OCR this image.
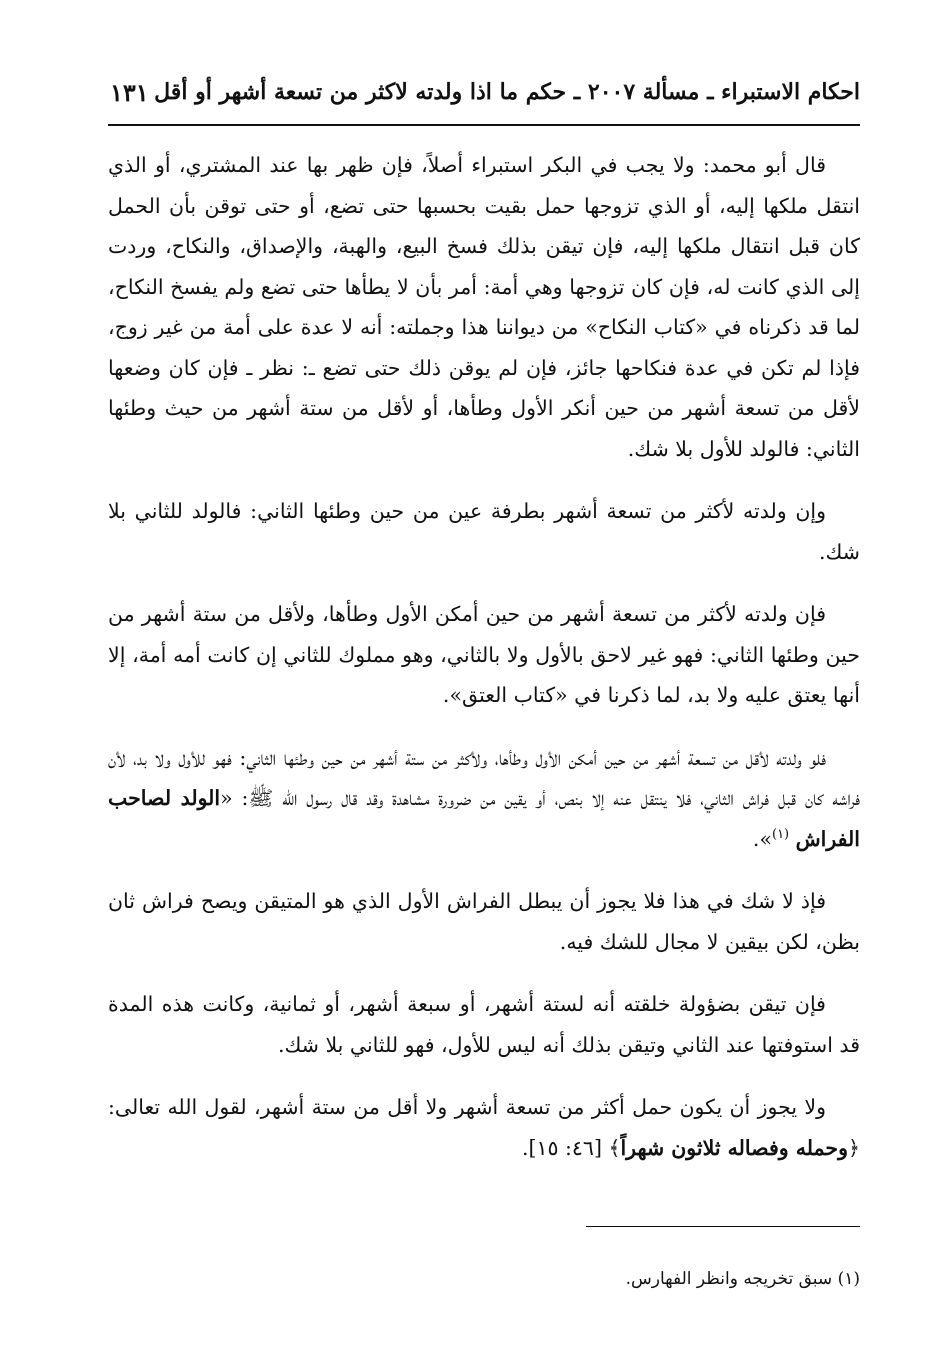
احكام الاستبراء ـ مسألة ٢٠٠٧ ـ حكم ما اذا ولدته لاكثر من تسعة أشهر أو أقل
١٣١

قال أبو محمد: ولا يجب في البكر استبراء أصلاً، فإن ظهر بها عند المشتري، أو الذي انتقل ملكها إليه، أو الذي تزوجها حمل بقيت بحسبها حتى تضع، أو حتى توقن بأن الحمل كان قبل انتقال ملكها إليه، فإن تيقن بذلك فسخ البيع، والهبة، والإصداق، والنكاح، وردت إلى الذي كانت له، فإن كان تزوجها وهي أمة: أمر بأن لا يطأها حتى تضع ولم يفسخ النكاح، لما قد ذكرناه في «كتاب النكاح» من ديواننا هذا وجملته: أنه لا عدة على أمة من غير زوج، فإذا لم تكن في عدة فنكاحها جائز، فإن لم يوقن ذلك حتى تضع ـ: نظر ـ فإن كان وضعها لأقل من تسعة أشهر من حين أنكر الأول وطأها، أو لأقل من ستة أشهر من حيث وطئها الثاني: فالولد للأول بلا شك.

وإن ولدته لأكثر من تسعة أشهر بطرفة عين من حين وطئها الثاني: فالولد للثاني بلا شك.

فإن ولدته لأكثر من تسعة أشهر من حين أمكن الأول وطأها، ولأقل من ستة أشهر من حين وطئها الثاني: فهو غير لاحق بالأول ولا بالثاني، وهو مملوك للثاني إن كانت أمه أمة، إلا أنها يعتق عليه ولا بد، لما ذكرنا في «كتاب العتق».

فلو ولدته لأقل من تسعة أشهر من حين أمكن الأول وطأها، ولأكثر من ستة أشهر من حين وطئها الثاني: فهو للأول ولا بد، لأن فراشه كان قبل فراش الثاني، فلا ينتقل عنه إلا بنص، أو يقين من ضرورة مشاهدة وقد قال رسول الله ﷺ: «الولد لصاحب الفراش $^{(١)}$».

فإذ لا شك في هذا فلا يجوز أن يبطل الفراش الأول الذي هو المتيقن ويصح فراش ثان بظن، لكن بيقين لا مجال للشك فيه.

فإن تيقن بضؤولة خلقته أنه لستة أشهر، أو سبعة أشهر، أو ثمانية، وكانت هذه المدة قد استوفتها عند الثاني وتيقن بذلك أنه ليس للأول، فهو للثاني بلا شك.

ولا يجوز أن يكون حمل أكثر من تسعة أشهر ولا أقل من ستة أشهر، لقول الله تعالى: ﴿وحمله وفصاله ثلاثون شهراً﴾ [٤٦: ١٥].

(١) سبق تخريجه وانظر الفهارس.
